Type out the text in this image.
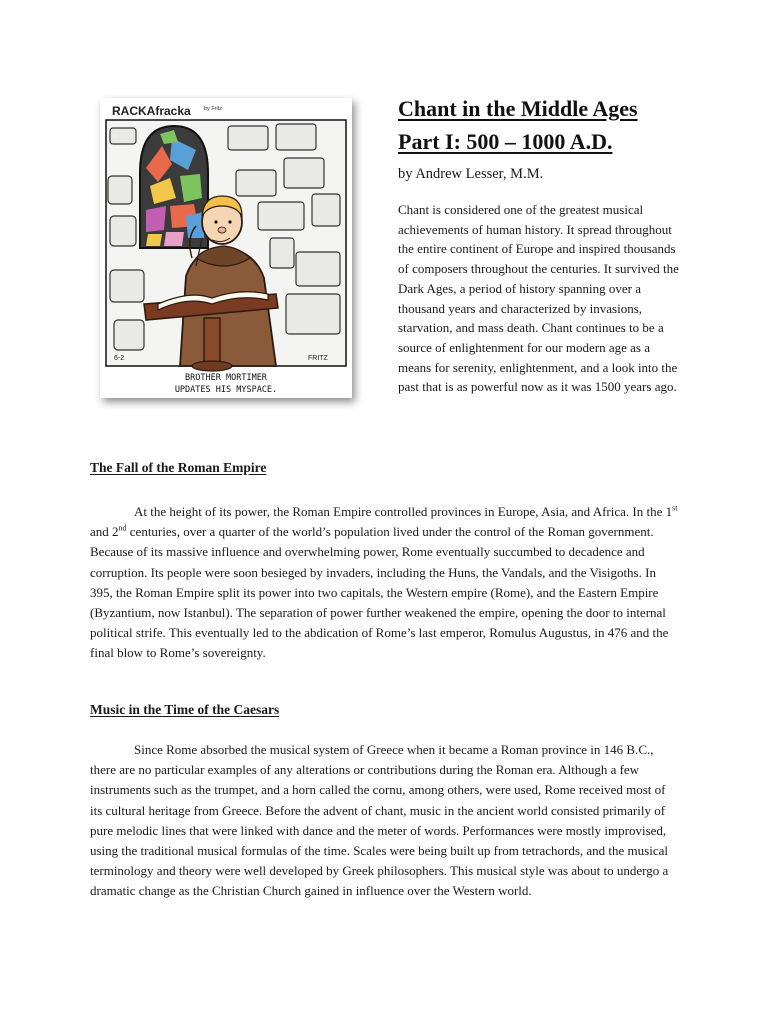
RACKAfracka by Fritz
6-2	FRITZ
BROTHER MORTIMER
UPDATES HIS MYSPACE.
Chant in the Middle Ages
Part I: 500 – 1000 A.D.
by Andrew Lesser, M.M.

Chant is considered one of the greatest musical achievements of human history. It spread throughout the entire continent of Europe and inspired thousands of composers throughout the centuries. It survived the Dark Ages, a period of history spanning over a thousand years and characterized by invasions, starvation, and mass death. Chant continues to be a source of enlightenment for our modern age as a means for serenity, enlightenment, and a look into the past that is as powerful now as it was 1500 years ago.

The Fall of the Roman Empire

At the height of its power, the Roman Empire controlled provinces in Europe, Asia, and Africa. In the 1st and 2nd centuries, over a quarter of the world’s population lived under the control of the Roman government. Because of its massive influence and overwhelming power, Rome eventually succumbed to decadence and corruption. Its people were soon besieged by invaders, including the Huns, the Vandals, and the Visigoths. In 395, the Roman Empire split its power into two capitals, the Western empire (Rome), and the Eastern Empire (Byzantium, now Istanbul). The separation of power further weakened the empire, opening the door to internal political strife. This eventually led to the abdication of Rome’s last emperor, Romulus Augustus, in 476 and the final blow to Rome’s sovereignty.

Music in the Time of the Caesars

Since Rome absorbed the musical system of Greece when it became a Roman province in 146 B.C., there are no particular examples of any alterations or contributions during the Roman era. Although a few instruments such as the trumpet, and a horn called the cornu, among others, were used, Rome received most of its cultural heritage from Greece. Before the advent of chant, music in the ancient world consisted primarily of pure melodic lines that were linked with dance and the meter of words. Performances were mostly improvised, using the traditional musical formulas of the time. Scales were being built up from tetrachords, and the musical terminology and theory were well developed by Greek philosophers. This musical style was about to undergo a dramatic change as the Christian Church gained in influence over the Western world.
